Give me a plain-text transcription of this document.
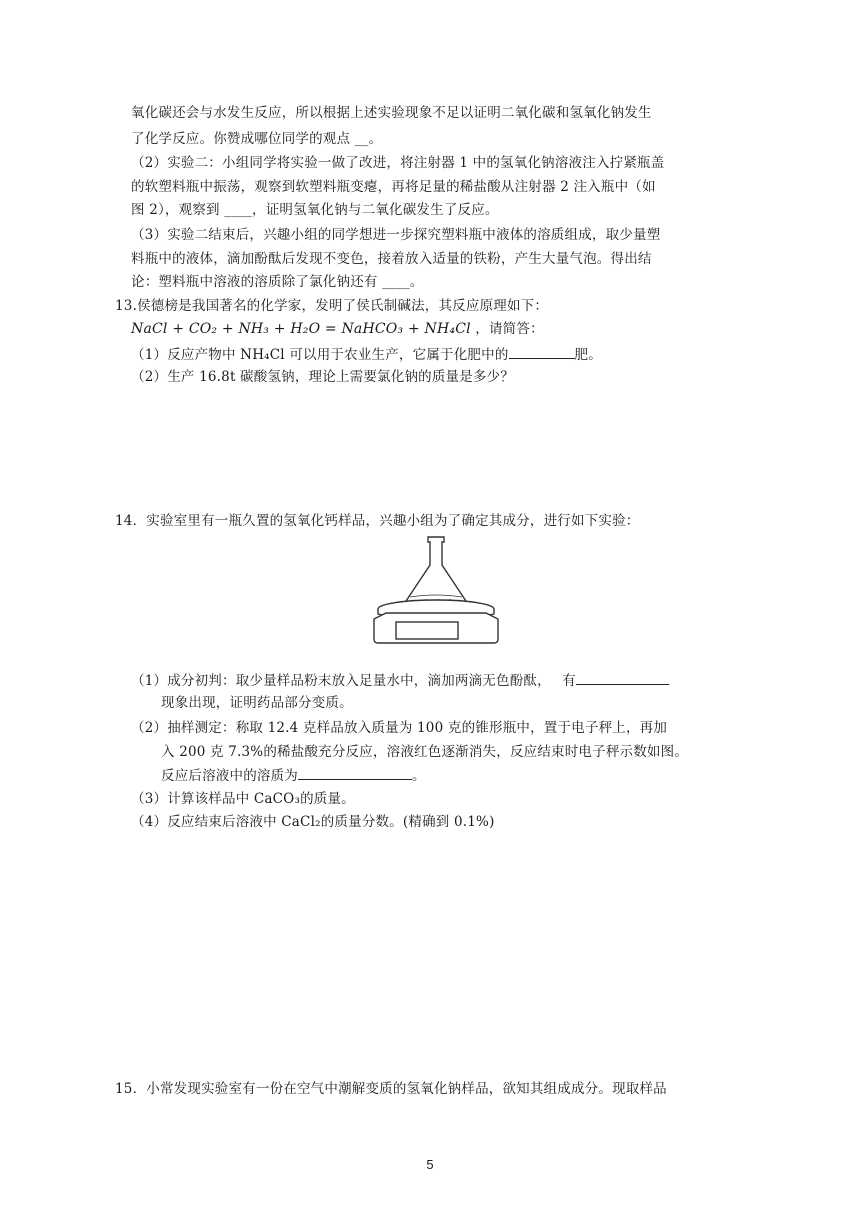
氧化碳还会与水发生反应，所以根据上述实验现象不足以证明二氧化碳和氢氧化钠发生
了化学反应。你赞成哪位同学的观点 __。
（2）实验二：小组同学将实验一做了改进，将注射器 1 中的氢氧化钠溶液注入拧紧瓶盖
的软塑料瓶中振荡，观察到软塑料瓶变瘪，再将足量的稀盐酸从注射器 2 注入瓶中（如
图 2），观察到 ____，证明氢氧化钠与二氧化碳发生了反应。
（3）实验二结束后，兴趣小组的同学想进一步探究塑料瓶中液体的溶质组成，取少量塑
料瓶中的液体，滴加酚酞后发现不变色，接着放入适量的铁粉，产生大量气泡。得出结
论：塑料瓶中溶液的溶质除了氯化钠还有 ____。
13.侯德榜是我国著名的化学家，发明了侯氏制碱法，其反应原理如下：
NaCl + CO₂ + NH₃ + H₂O = NaHCO₃ + NH₄Cl ，请简答：
（1）反应产物中 NH₄Cl 可以用于农业生产，它属于化肥中的	肥。
（2）生产 16.8t 碳酸氢钠，理论上需要氯化钠的质量是多少？
14．实验室里有一瓶久置的氢氧化钙样品，兴趣小组为了确定其成分，进行如下实验：
（1）成分初判：取少量样品粉末放入足量水中，滴加两滴无色酚酞，　 有
现象出现，证明药品部分变质。
（2）抽样测定：称取 12.4 克样品放入质量为 100 克的锥形瓶中，置于电子秤上，再加
入 200 克 7.3%的稀盐酸充分反应，溶液红色逐渐消失，反应结束时电子秤示数如图。
反应后溶液中的溶质为	。
（3）计算该样品中 CaCO₃的质量。
（4）反应结束后溶液中 CaCl₂的质量分数。(精确到 0.1%)
15．小常发现实验室有一份在空气中潮解变质的氢氧化钠样品，欲知其组成成分。现取样品
5
